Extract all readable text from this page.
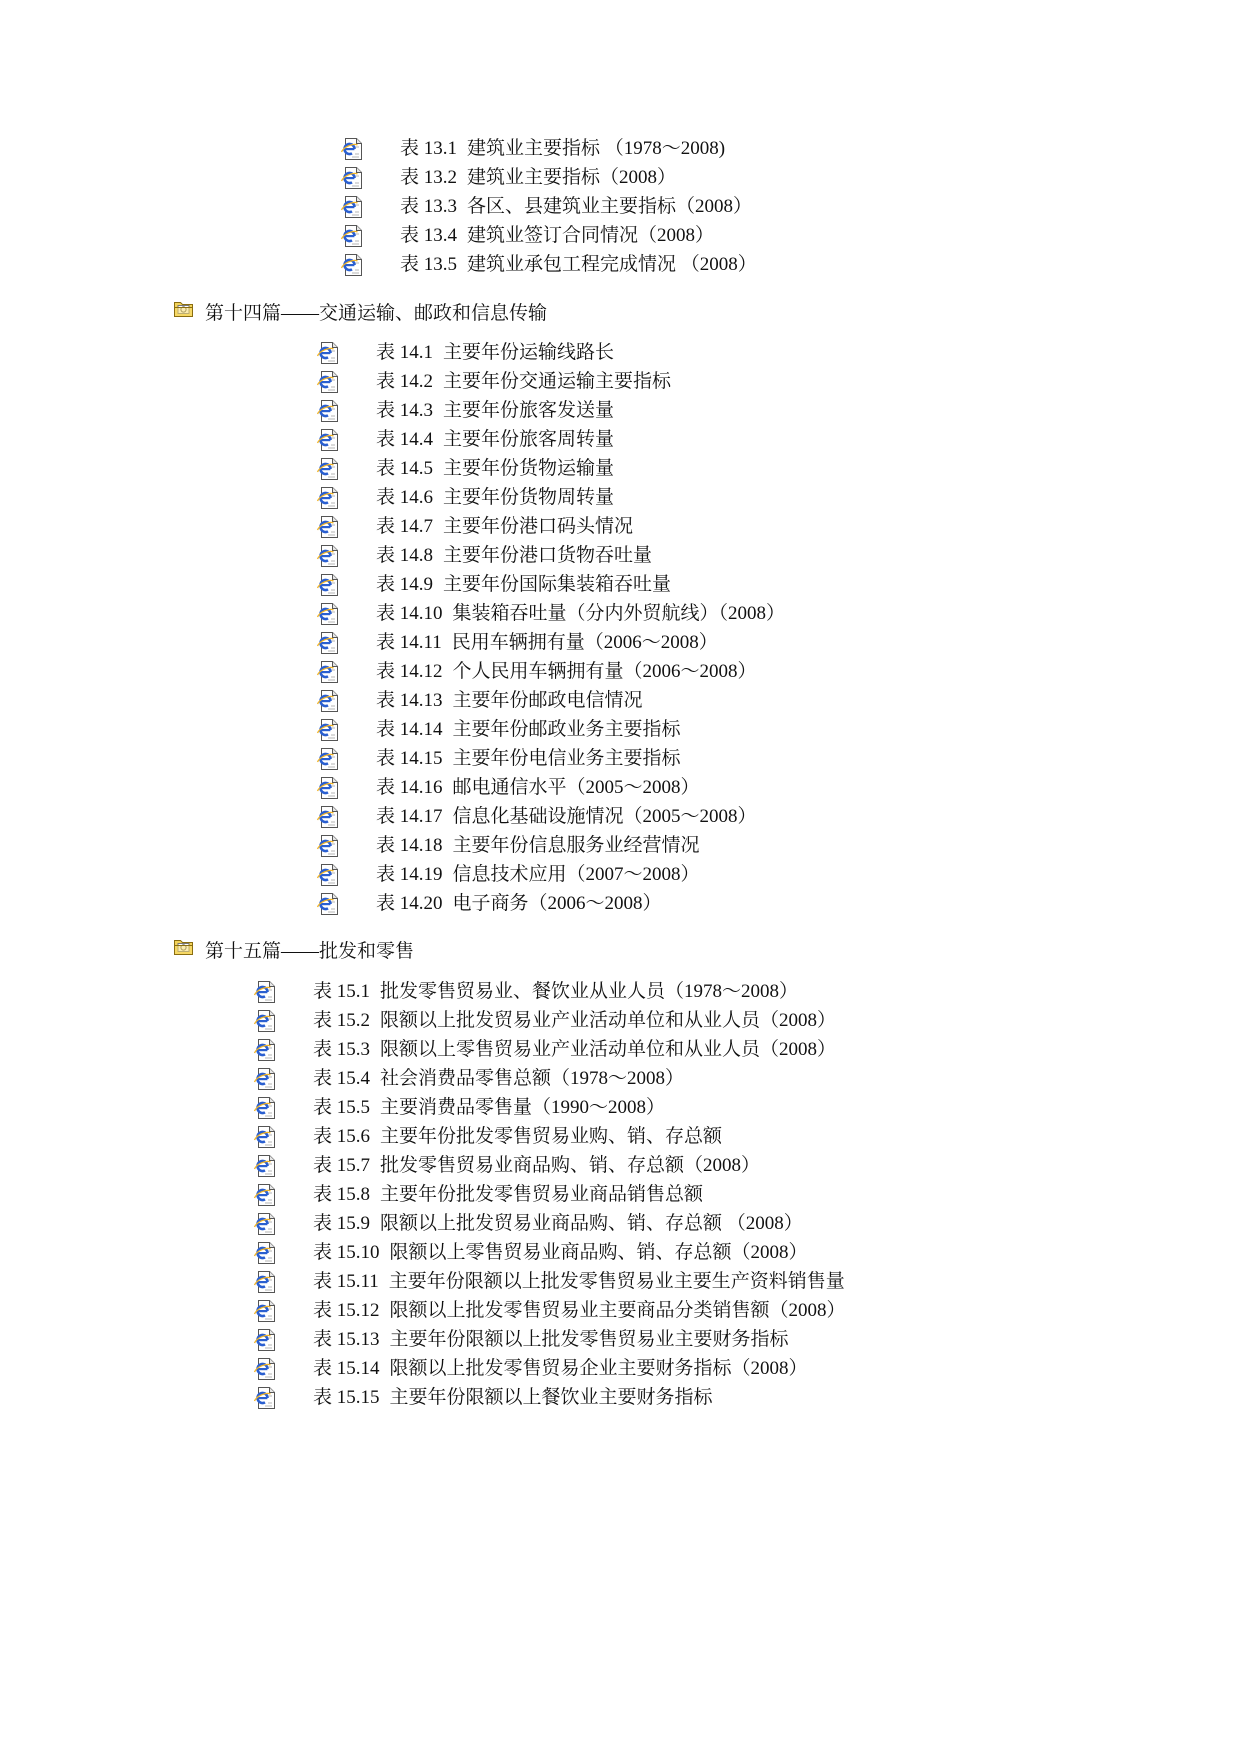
表 13.1 建筑业主要指标 （1978～2008)
表 13.2 建筑业主要指标（2008）
表 13.3 各区、县建筑业主要指标（2008）
表 13.4 建筑业签订合同情况（2008）
表 13.5 建筑业承包工程完成情况 （2008）
第十四篇——交通运输、邮政和信息传输
表 14.1 主要年份运输线路长
表 14.2 主要年份交通运输主要指标
表 14.3 主要年份旅客发送量
表 14.4 主要年份旅客周转量
表 14.5 主要年份货物运输量
表 14.6 主要年份货物周转量
表 14.7 主要年份港口码头情况
表 14.8 主要年份港口货物吞吐量
表 14.9 主要年份国际集装箱吞吐量
表 14.10 集装箱吞吐量（分内外贸航线）（2008）
表 14.11 民用车辆拥有量（2006～2008）
表 14.12 个人民用车辆拥有量（2006～2008）
表 14.13 主要年份邮政电信情况
表 14.14 主要年份邮政业务主要指标
表 14.15 主要年份电信业务主要指标
表 14.16 邮电通信水平（2005～2008）
表 14.17 信息化基础设施情况（2005～2008）
表 14.18 主要年份信息服务业经营情况
表 14.19 信息技术应用（2007～2008）
表 14.20 电子商务（2006～2008）
第十五篇——批发和零售
表 15.1 批发零售贸易业、餐饮业从业人员（1978～2008）
表 15.2 限额以上批发贸易业产业活动单位和从业人员（2008）
表 15.3 限额以上零售贸易业产业活动单位和从业人员（2008）
表 15.4 社会消费品零售总额（1978～2008）
表 15.5 主要消费品零售量（1990～2008）
表 15.6 主要年份批发零售贸易业购、销、存总额
表 15.7 批发零售贸易业商品购、销、存总额（2008）
表 15.8 主要年份批发零售贸易业商品销售总额
表 15.9 限额以上批发贸易业商品购、销、存总额 （2008）
表 15.10 限额以上零售贸易业商品购、销、存总额（2008）
表 15.11 主要年份限额以上批发零售贸易业主要生产资料销售量
表 15.12 限额以上批发零售贸易业主要商品分类销售额（2008）
表 15.13 主要年份限额以上批发零售贸易业主要财务指标
表 15.14 限额以上批发零售贸易企业主要财务指标（2008）
表 15.15 主要年份限额以上餐饮业主要财务指标
